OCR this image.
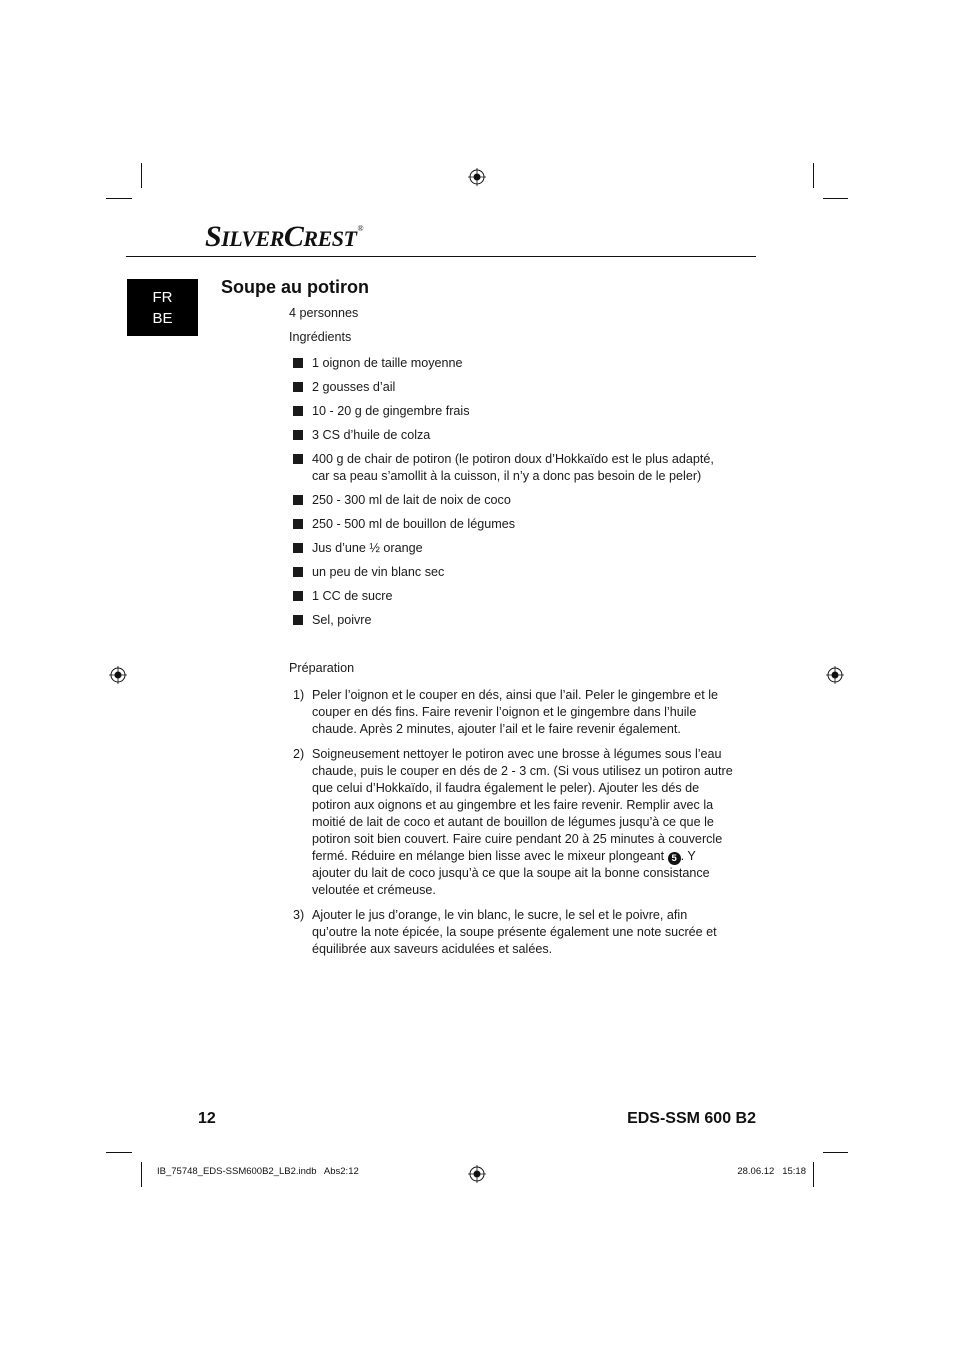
SILVERCREST®
FR
BE
Soupe au potiron
4 personnes
Ingrédients
1 oignon de taille moyenne
2 gousses d’ail
10 - 20 g de gingembre frais
3 CS d’huile de colza
400 g de chair de potiron (le potiron doux d’Hokkaïdo est le plus adapté, car sa peau s’amollit à la cuisson, il n’y a donc pas besoin de le peler)
250 - 300 ml de lait de noix de coco
250 - 500 ml de bouillon de légumes
Jus d’une ½ orange
un peu de vin blanc sec
1 CC de sucre
Sel, poivre
Préparation
1) Peler l’oignon et le couper en dés, ainsi que l’ail. Peler le gingembre et le couper en dés fins. Faire revenir l’oignon et le gingembre dans l’huile chaude. Après 2 minutes, ajouter l’ail et le faire revenir également.
2) Soigneusement nettoyer le potiron avec une brosse à légumes sous l’eau chaude, puis le couper en dés de 2 - 3 cm. (Si vous utilisez un potiron autre que celui d’Hokkaïdo, il faudra également le peler). Ajouter les dés de potiron aux oignons et au gingembre et les faire revenir. Remplir avec la moitié de lait de coco et autant de bouillon de légumes jusqu’à ce que le potiron soit bien couvert. Faire cuire pendant 20 à 25 minutes à couvercle fermé. Réduire en mélange bien lisse avec le mixeur plongeant 5 . Y ajouter du lait de coco jusqu’à ce que la soupe ait la bonne consistance veloutée et crémeuse.
3) Ajouter le jus d’orange, le vin blanc, le sucre, le sel et le poivre, afin qu’outre la note épicée, la soupe présente également une note sucrée et équilibrée aux saveurs acidulées et salées.
12	EDS-SSM 600 B2
IB_75748_EDS-SSM600B2_LB2.indb   Abs2:12	28.06.12   15:18
